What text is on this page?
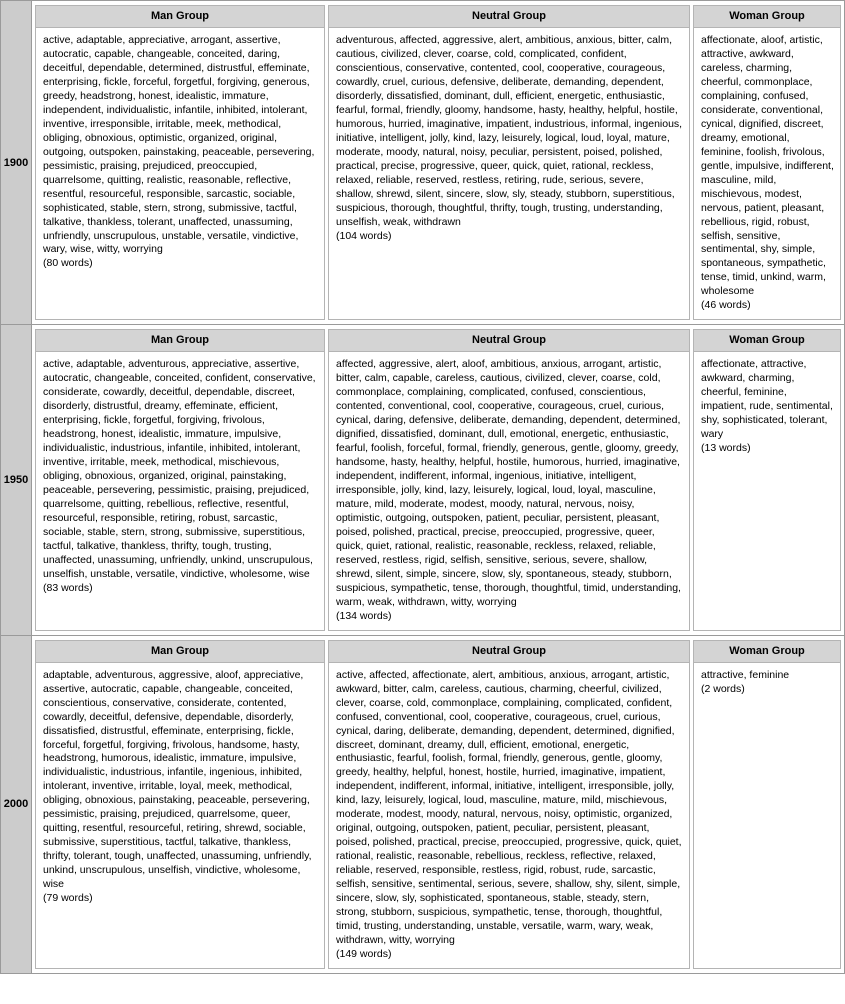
1900
Man Group
active, adaptable, appreciative, arrogant, assertive, autocratic, capable, changeable, conceited, daring, deceitful, dependable, determined, distrustful, effeminate, enterprising, fickle, forceful, forgetful, forgiving, generous, greedy, headstrong, honest, idealistic, immature, independent, individualistic, infantile, inhibited, intolerant, inventive, irresponsible, irritable, meek, methodical, obliging, obnoxious, optimistic, organized, original, outgoing, outspoken, painstaking, peaceable, persevering, pessimistic, praising, prejudiced, preoccupied, quarrelsome, quitting, realistic, reasonable, reflective, resentful, resourceful, responsible, sarcastic, sociable, sophisticated, stable, stern, strong, submissive, tactful, talkative, thankless, tolerant, unaffected, unassuming, unfriendly, unscrupulous, unstable, versatile, vindictive, wary, wise, witty, worrying
(80 words)
Neutral Group
adventurous, affected, aggressive, alert, ambitious, anxious, bitter, calm, cautious, civilized, clever, coarse, cold, complicated, confident, conscientious, conservative, contented, cool, cooperative, courageous, cowardly, cruel, curious, defensive, deliberate, demanding, dependent, disorderly, dissatisfied, dominant, dull, efficient, energetic, enthusiastic, fearful, formal, friendly, gloomy, handsome, hasty, healthy, helpful, hostile, humorous, hurried, imaginative, impatient, industrious, informal, ingenious, initiative, intelligent, jolly, kind, lazy, leisurely, logical, loud, loyal, mature, moderate, moody, natural, noisy, peculiar, persistent, poised, polished, practical, precise, progressive, queer, quick, quiet, rational, reckless, relaxed, reliable, reserved, restless, retiring, rude, serious, severe, shallow, shrewd, silent, sincere, slow, sly, steady, stubborn, superstitious, suspicious, thorough, thoughtful, thrifty, tough, trusting, understanding, unselfish, weak, withdrawn
(104 words)
Woman Group
affectionate, aloof, artistic, attractive, awkward, careless, charming, cheerful, commonplace, complaining, confused, considerate, conventional, cynical, dignified, discreet, dreamy, emotional, feminine, foolish, frivolous, gentle, impulsive, indifferent, masculine, mild, mischievous, modest, nervous, patient, pleasant, rebellious, rigid, robust, selfish, sensitive, sentimental, shy, simple, spontaneous, sympathetic, tense, timid, unkind, warm, wholesome
(46 words)
1950
Man Group
active, adaptable, adventurous, appreciative, assertive, autocratic, changeable, conceited, confident, conservative, considerate, cowardly, deceitful, dependable, discreet, disorderly, distrustful, dreamy, effeminate, efficient, enterprising, fickle, forgetful, forgiving, frivolous, headstrong, honest, idealistic, immature, impulsive, individualistic, industrious, infantile, inhibited, intolerant, inventive, irritable, meek, methodical, mischievous, obliging, obnoxious, organized, original, painstaking, peaceable, persevering, pessimistic, praising, prejudiced, quarrelsome, quitting, rebellious, reflective, resentful, resourceful, responsible, retiring, robust, sarcastic, sociable, stable, stern, strong, submissive, superstitious, tactful, talkative, thankless, thrifty, tough, trusting, unaffected, unassuming, unfriendly, unkind, unscrupulous, unselfish, unstable, versatile, vindictive, wholesome, wise
(83 words)
Neutral Group
affected, aggressive, alert, aloof, ambitious, anxious, arrogant, artistic, bitter, calm, capable, careless, cautious, civilized, clever, coarse, cold, commonplace, complaining, complicated, confused, conscientious, contented, conventional, cool, cooperative, courageous, cruel, curious, cynical, daring, defensive, deliberate, demanding, dependent, determined, dignified, dissatisfied, dominant, dull, emotional, energetic, enthusiastic, fearful, foolish, forceful, formal, friendly, generous, gentle, gloomy, greedy, handsome, hasty, healthy, helpful, hostile, humorous, hurried, imaginative, independent, indifferent, informal, ingenious, initiative, intelligent, irresponsible, jolly, kind, lazy, leisurely, logical, loud, loyal, masculine, mature, mild, moderate, modest, moody, natural, nervous, noisy, optimistic, outgoing, outspoken, patient, peculiar, persistent, pleasant, poised, polished, practical, precise, preoccupied, progressive, queer, quick, quiet, rational, realistic, reasonable, reckless, relaxed, reliable, reserved, restless, rigid, selfish, sensitive, serious, severe, shallow, shrewd, silent, simple, sincere, slow, sly, spontaneous, steady, stubborn, suspicious, sympathetic, tense, thorough, thoughtful, timid, understanding, warm, weak, withdrawn, witty, worrying
(134 words)
Woman Group
affectionate, attractive, awkward, charming, cheerful, feminine, impatient, rude, sentimental, shy, sophisticated, tolerant, wary
(13 words)
2000
Man Group
adaptable, adventurous, aggressive, aloof, appreciative, assertive, autocratic, capable, changeable, conceited, conscientious, conservative, considerate, contented, cowardly, deceitful, defensive, dependable, disorderly, dissatisfied, distrustful, effeminate, enterprising, fickle, forceful, forgetful, forgiving, frivolous, handsome, hasty, headstrong, humorous, idealistic, immature, impulsive, individualistic, industrious, infantile, ingenious, inhibited, intolerant, inventive, irritable, loyal, meek, methodical, obliging, obnoxious, painstaking, peaceable, persevering, pessimistic, praising, prejudiced, quarrelsome, queer, quitting, resentful, resourceful, retiring, shrewd, sociable, submissive, superstitious, tactful, talkative, thankless, thrifty, tolerant, tough, unaffected, unassuming, unfriendly, unkind, unscrupulous, unselfish, vindictive, wholesome, wise
(79 words)
Neutral Group
active, affected, affectionate, alert, ambitious, anxious, arrogant, artistic, awkward, bitter, calm, careless, cautious, charming, cheerful, civilized, clever, coarse, cold, commonplace, complaining, complicated, confident, confused, conventional, cool, cooperative, courageous, cruel, curious, cynical, daring, deliberate, demanding, dependent, determined, dignified, discreet, dominant, dreamy, dull, efficient, emotional, energetic, enthusiastic, fearful, foolish, formal, friendly, generous, gentle, gloomy, greedy, healthy, helpful, honest, hostile, hurried, imaginative, impatient, independent, indifferent, informal, initiative, intelligent, irresponsible, jolly, kind, lazy, leisurely, logical, loud, masculine, mature, mild, mischievous, moderate, modest, moody, natural, nervous, noisy, optimistic, organized, original, outgoing, outspoken, patient, peculiar, persistent, pleasant, poised, polished, practical, precise, preoccupied, progressive, quick, quiet, rational, realistic, reasonable, rebellious, reckless, reflective, relaxed, reliable, reserved, responsible, restless, rigid, robust, rude, sarcastic, selfish, sensitive, sentimental, serious, severe, shallow, shy, silent, simple, sincere, slow, sly, sophisticated, spontaneous, stable, steady, stern, strong, stubborn, suspicious, sympathetic, tense, thorough, thoughtful, timid, trusting, understanding, unstable, versatile, warm, wary, weak, withdrawn, witty, worrying
(149 words)
Woman Group
attractive, feminine
(2 words)
